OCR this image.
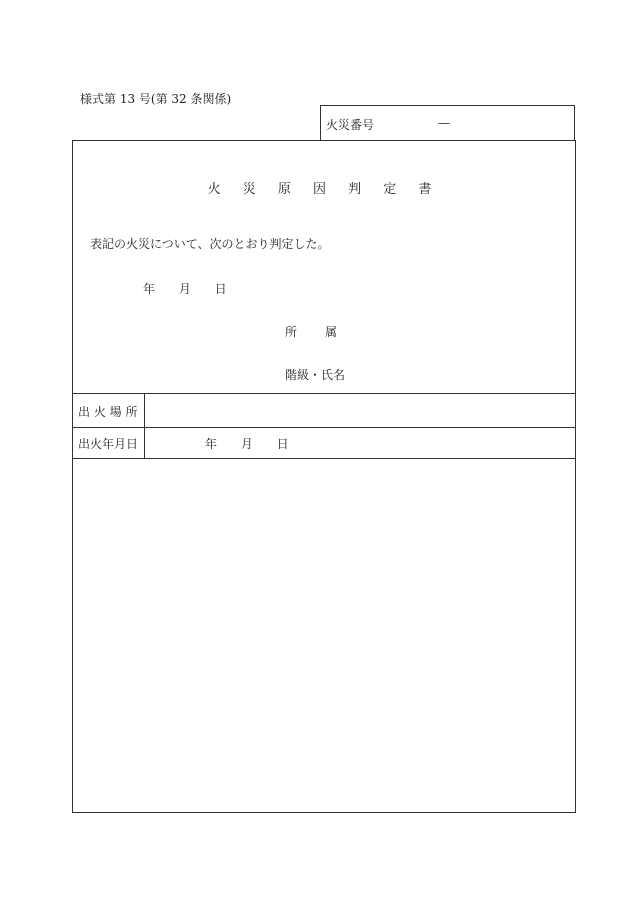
様式第 13 号(第 32 条関係)
火災番号	—
火 災 原 因 判 定 書
表記の火災について、次のとおり判定した。
年 月 日
所属
階級・氏名
出 火 場 所
出火年月日	年 月 日
